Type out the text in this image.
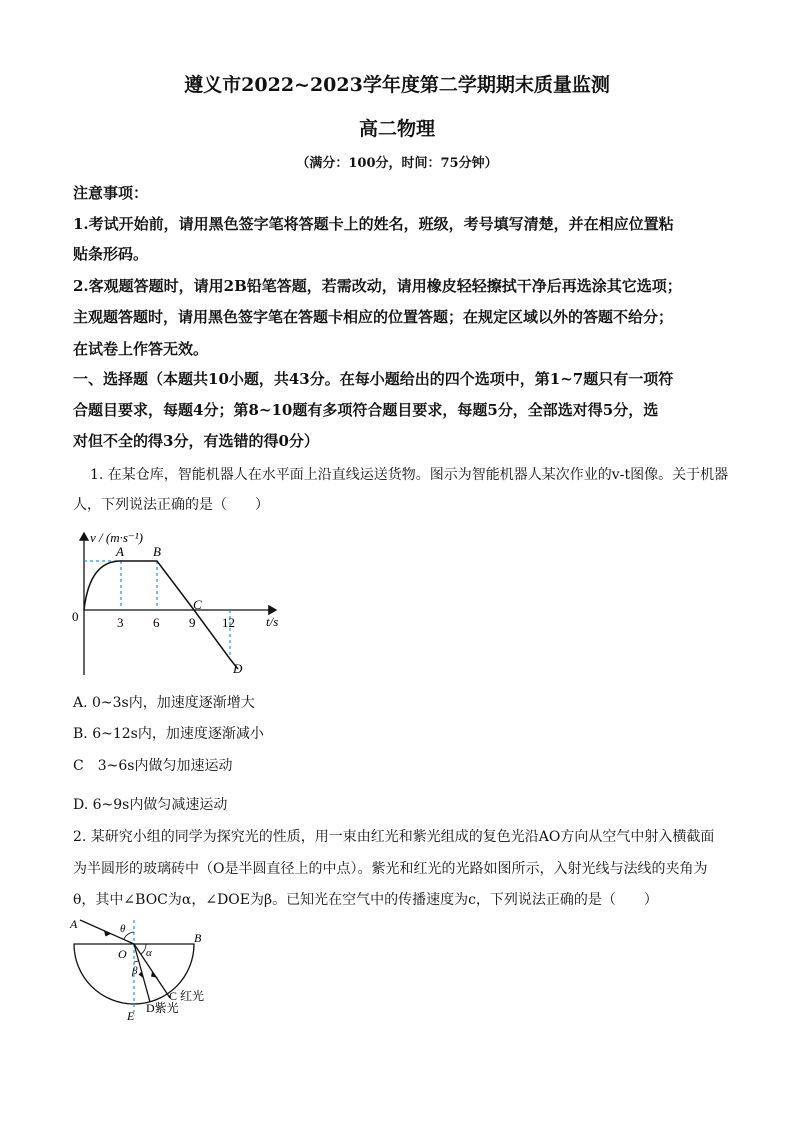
遵义市2022~2023学年度第二学期期末质量监测
高二物理
（满分：100分，时间：75分钟）
注意事项：
1.考试开始前，请用黑色签字笔将答题卡上的姓名，班级，考号填写清楚，并在相应位置粘
贴条形码。
2.客观题答题时，请用2B铅笔答题，若需改动，请用橡皮轻轻擦拭干净后再选涂其它选项；
主观题答题时，请用黑色签字笔在答题卡相应的位置答题；在规定区域以外的答题不给分；
在试卷上作答无效。
一、选择题（本题共10小题，共43分。在每小题给出的四个选项中，第1~7题只有一项符
合题目要求，每题4分；第8~10题有多项符合题目要求，每题5分，全部选对得5分，选
对但不全的得3分，有选错的得0分）
1. 在某仓库，智能机器人在水平面上沿直线运送货物。图示为智能机器人某次作业的v-t图像。关于机器
人，下列说法正确的是（　　）
v / (m·s⁻¹)
t/s
0	3 6 9 12
A B
C
D
A. 0~3s内，加速度逐渐增大
B. 6~12s内，加速度逐渐减小
C　3~6s内做匀加速运动
D. 6~9s内做匀减速运动
2. 某研究小组的同学为探究光的性质，用一束由红光和紫光组成的复色光沿AO方向从空气中射入横截面
为半圆形的玻璃砖中（O是半圆直径上的中点）。紫光和红光的光路如图所示，入射光线与法线的夹角为
θ，其中∠BOC为α，∠DOE为β。已知光在空气中的传播速度为c，下列说法正确的是（　　）
A
B
O
E
θ
α
β
C 红光
D紫光
